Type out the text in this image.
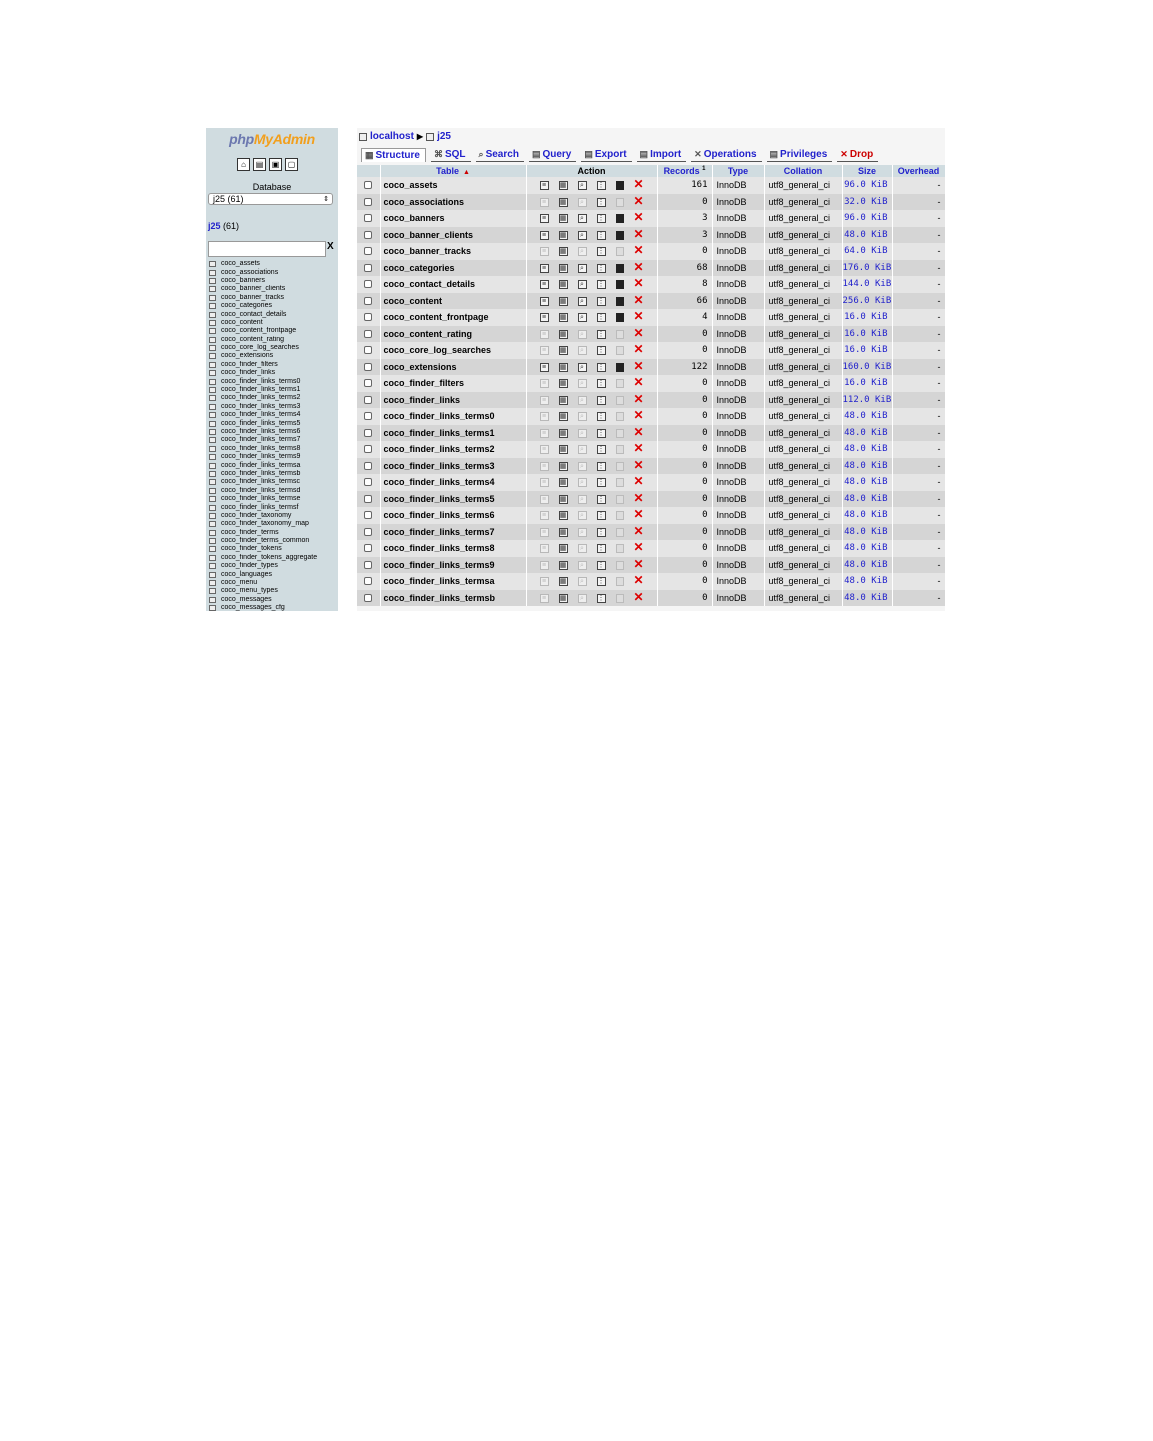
phpMyAdmin
⌂	▤	▣	▢
Database
j25 (61)	⇕
j25 (61)
X
coco_assets
coco_associations
coco_banners
coco_banner_clients
coco_banner_tracks
coco_categories
coco_contact_details
coco_content
coco_content_frontpage
coco_content_rating
coco_core_log_searches
coco_extensions
coco_finder_filters
coco_finder_links
coco_finder_links_terms0
coco_finder_links_terms1
coco_finder_links_terms2
coco_finder_links_terms3
coco_finder_links_terms4
coco_finder_links_terms5
coco_finder_links_terms6
coco_finder_links_terms7
coco_finder_links_terms8
coco_finder_links_terms9
coco_finder_links_termsa
coco_finder_links_termsb
coco_finder_links_termsc
coco_finder_links_termsd
coco_finder_links_termse
coco_finder_links_termsf
coco_finder_taxonomy
coco_finder_taxonomy_map
coco_finder_terms
coco_finder_terms_common
coco_finder_tokens
coco_finder_tokens_aggregate
coco_finder_types
coco_languages
coco_menu
coco_menu_types
coco_messages
coco_messages_cfg
localhost ▶ j25
▦ Structure ⌘ SQL ⌕ Search ▤ Query ▤ Export ▤ Import ✕ Operations ▤ Privileges ✕ Drop
	Table ▲	Action	Records $^1$	Type	Collation	Size	Overhead

	coco_assets	≡ ▦ ⌕ ⋮ ✕	161	InnoDB	utf8_general_ci	96.0 KiB	-

	coco_associations	≡ ▦ ⌕ ⋮ ✕	0	InnoDB	utf8_general_ci	32.0 KiB	-

	coco_banners	≡ ▦ ⌕ ⋮ ✕	3	InnoDB	utf8_general_ci	96.0 KiB	-

	coco_banner_clients	≡ ▦ ⌕ ⋮ ✕	3	InnoDB	utf8_general_ci	48.0 KiB	-

	coco_banner_tracks	≡ ▦ ⌕ ⋮ ✕	0	InnoDB	utf8_general_ci	64.0 KiB	-

	coco_categories	≡ ▦ ⌕ ⋮ ✕	68	InnoDB	utf8_general_ci	176.0 KiB	-

	coco_contact_details	≡ ▦ ⌕ ⋮ ✕	8	InnoDB	utf8_general_ci	144.0 KiB	-

	coco_content	≡ ▦ ⌕ ⋮ ✕	66	InnoDB	utf8_general_ci	256.0 KiB	-

	coco_content_frontpage	≡ ▦ ⌕ ⋮ ✕	4	InnoDB	utf8_general_ci	16.0 KiB	-

	coco_content_rating	≡ ▦ ⌕ ⋮ ✕	0	InnoDB	utf8_general_ci	16.0 KiB	-

	coco_core_log_searches	≡ ▦ ⌕ ⋮ ✕	0	InnoDB	utf8_general_ci	16.0 KiB	-

	coco_extensions	≡ ▦ ⌕ ⋮ ✕	122	InnoDB	utf8_general_ci	160.0 KiB	-

	coco_finder_filters	≡ ▦ ⌕ ⋮ ✕	0	InnoDB	utf8_general_ci	16.0 KiB	-

	coco_finder_links	≡ ▦ ⌕ ⋮ ✕	0	InnoDB	utf8_general_ci	112.0 KiB	-

	coco_finder_links_terms0	≡ ▦ ⌕ ⋮ ✕	0	InnoDB	utf8_general_ci	48.0 KiB	-

	coco_finder_links_terms1	≡ ▦ ⌕ ⋮ ✕	0	InnoDB	utf8_general_ci	48.0 KiB	-

	coco_finder_links_terms2	≡ ▦ ⌕ ⋮ ✕	0	InnoDB	utf8_general_ci	48.0 KiB	-

	coco_finder_links_terms3	≡ ▦ ⌕ ⋮ ✕	0	InnoDB	utf8_general_ci	48.0 KiB	-

	coco_finder_links_terms4	≡ ▦ ⌕ ⋮ ✕	0	InnoDB	utf8_general_ci	48.0 KiB	-

	coco_finder_links_terms5	≡ ▦ ⌕ ⋮ ✕	0	InnoDB	utf8_general_ci	48.0 KiB	-

	coco_finder_links_terms6	≡ ▦ ⌕ ⋮ ✕	0	InnoDB	utf8_general_ci	48.0 KiB	-

	coco_finder_links_terms7	≡ ▦ ⌕ ⋮ ✕	0	InnoDB	utf8_general_ci	48.0 KiB	-

	coco_finder_links_terms8	≡ ▦ ⌕ ⋮ ✕	0	InnoDB	utf8_general_ci	48.0 KiB	-

	coco_finder_links_terms9	≡ ▦ ⌕ ⋮ ✕	0	InnoDB	utf8_general_ci	48.0 KiB	-

	coco_finder_links_termsa	≡ ▦ ⌕ ⋮ ✕	0	InnoDB	utf8_general_ci	48.0 KiB	-

	coco_finder_links_termsb	≡ ▦ ⌕ ⋮ ✕	0	InnoDB	utf8_general_ci	48.0 KiB	-
